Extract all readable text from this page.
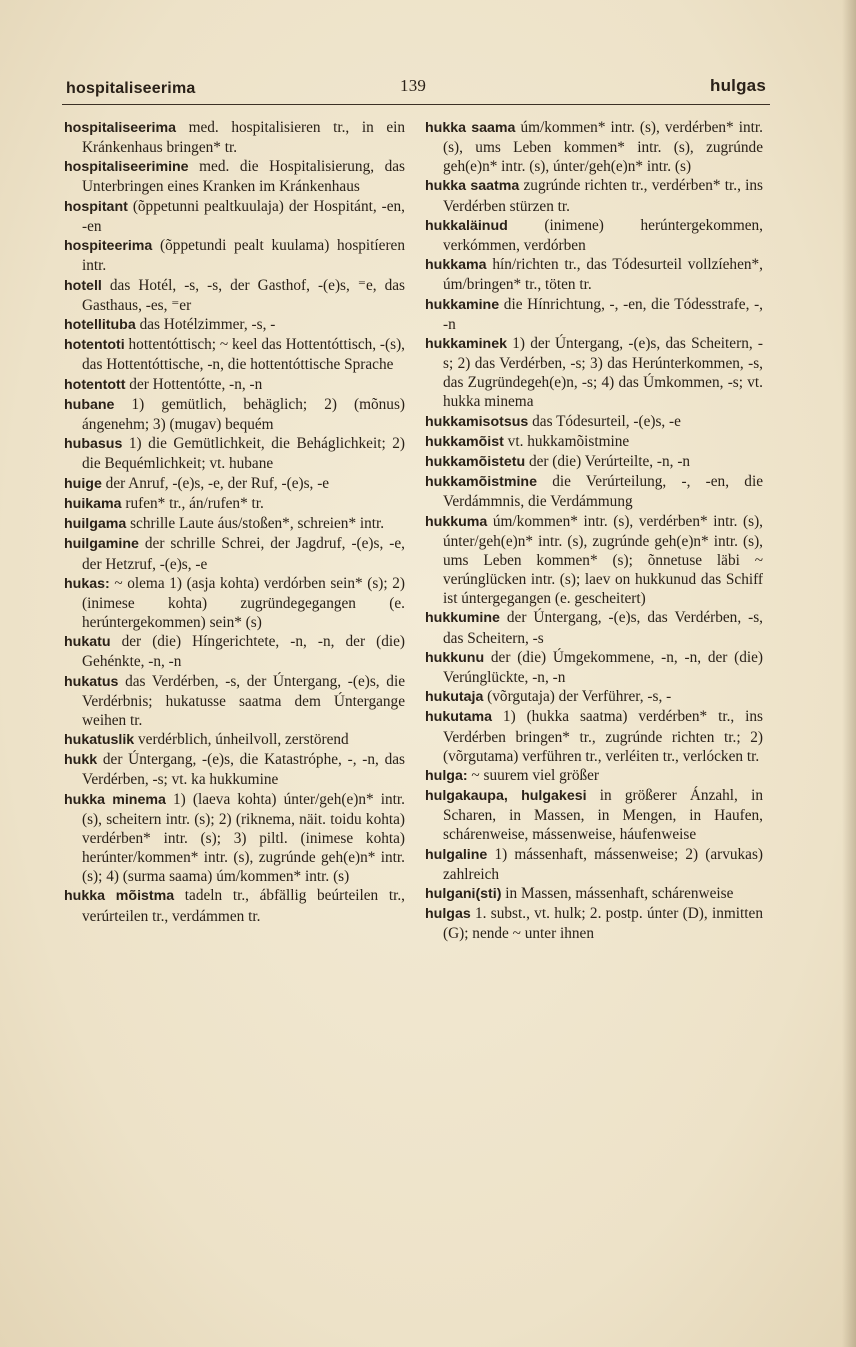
hospitaliseerima	139	hulgas

hospitaliseerima med. hospitalisieren tr., in ein Kránkenhaus bringen* tr.

hospitaliseerimine med. die Hospitalisierung, das Unterbringen eines Kranken im Kránkenhaus

hospitant (õppetunni pealtkuulaja) der Hospitánt, -en, -en

hospiteerima (õppetundi pealt kuulama) hospitíeren intr.

hotell das Hotél, -s, -s, der Gasthof, -(e)s, ⁼e, das Gasthaus, -es, ⁼er

hotellituba das Hotélzimmer, -s, -

hotentoti hottentóttisch; ~ keel das Hottentóttisch, -(s), das Hottentóttische, -n, die hottentóttische Sprache

hotentott der Hottentótte, -n, -n

hubane 1) gemütlich, behäglich; 2) (mõnus) ángenehm; 3) (mugav) bequém

hubasus 1) die Gemütlichkeit, die Beháglichkeit; 2) die Bequémlichkeit; vt. hubane

huige der Anruf, -(e)s, -e, der Ruf, -(e)s, -e

huikama rufen* tr., án/rufen* tr.

huilgama schrille Laute áus/stoßen*, schreien* intr.

huilgamine der schrille Schrei, der Jagdruf, -(e)s, -e, der Hetzruf, -(e)s, -e

hukas: ~ olema 1) (asja kohta) verdórben sein* (s); 2) (inimese kohta) zugründegegangen (e. herúntergekommen) sein* (s)

hukatu der (die) Híngerichtete, -n, -n, der (die) Gehénkte, -n, -n

hukatus das Verdérben, -s, der Úntergang, -(e)s, die Verdérbnis; hukatusse saatma dem Úntergange weihen tr.

hukatuslik verdérblich, únheilvoll, zerstörend

hukk der Úntergang, -(e)s, die Katastróphe, -, -n, das Verdérben, -s; vt. ka hukkumine

hukka minema 1) (laeva kohta) únter/geh(e)n* intr. (s), scheitern intr. (s); 2) (riknema, näit. toidu kohta) verdérben* intr. (s); 3) piltl. (inimese kohta) herúnter/kommen* intr. (s), zugrúnde geh(e)n* intr. (s); 4) (surma saama) úm/kommen* intr. (s)

hukka mõistma tadeln tr., ábfällig beúrteilen tr., verúrteilen tr., verdámmen tr.

hukka saama úm/kommen* intr. (s), verdérben* intr. (s), ums Leben kommen* intr. (s), zugrúnde geh(e)n* intr. (s), únter/geh(e)n* intr. (s)

hukka saatma zugrúnde richten tr., verdérben* tr., ins Verdérben stürzen tr.

hukkaläinud (inimene) herúntergekommen, verkómmen, verdórben

hukkama hín/richten tr., das Tódesurteil vollzíehen*, úm/bringen* tr., töten tr.

hukkamine die Hínrichtung, -, -en, die Tódesstrafe, -, -n

hukkaminek 1) der Úntergang, -(e)s, das Scheitern, -s; 2) das Verdérben, -s; 3) das Herúnterkommen, -s, das Zugründegeh(e)n, -s; 4) das Úmkommen, -s; vt. hukka minema

hukkamisotsus das Tódesurteil, -(e)s, -e

hukkamõist vt. hukkamõistmine

hukkamõistetu der (die) Verúrteilte, -n, -n

hukkamõistmine die Verúrteilung, -, -en, die Verdámmnis, die Verdámmung

hukkuma úm/kommen* intr. (s), verdérben* intr. (s), únter/geh(e)n* intr. (s), zugrúnde geh(e)n* intr. (s), ums Leben kommen* (s); õnnetuse läbi ~ verúnglücken intr. (s); laev on hukkunud das Schiff ist úntergegangen (e. gescheitert)

hukkumine der Úntergang, -(e)s, das Verdérben, -s, das Scheitern, -s

hukkunu der (die) Úmgekommene, -n, -n, der (die) Verúnglückte, -n, -n

hukutaja (võrgutaja) der Verführer, -s, -

hukutama 1) (hukka saatma) verdérben* tr., ins Verdérben bringen* tr., zugrúnde richten tr.; 2) (võrgutama) verführen tr., verléiten tr., verlócken tr.

hulga: ~ suurem viel größer

hulgakaupa, hulgakesi in größerer Ánzahl, in Scharen, in Massen, in Mengen, in Haufen, schárenweise, mássenweise, háufenweise

hulgaline 1) mássenhaft, mássenweise; 2) (arvukas) zahlreich

hulgani(sti) in Massen, mássenhaft, schárenweise

hulgas 1. subst., vt. hulk; 2. postp. únter (D), inmitten (G); nende ~ unter ihnen
